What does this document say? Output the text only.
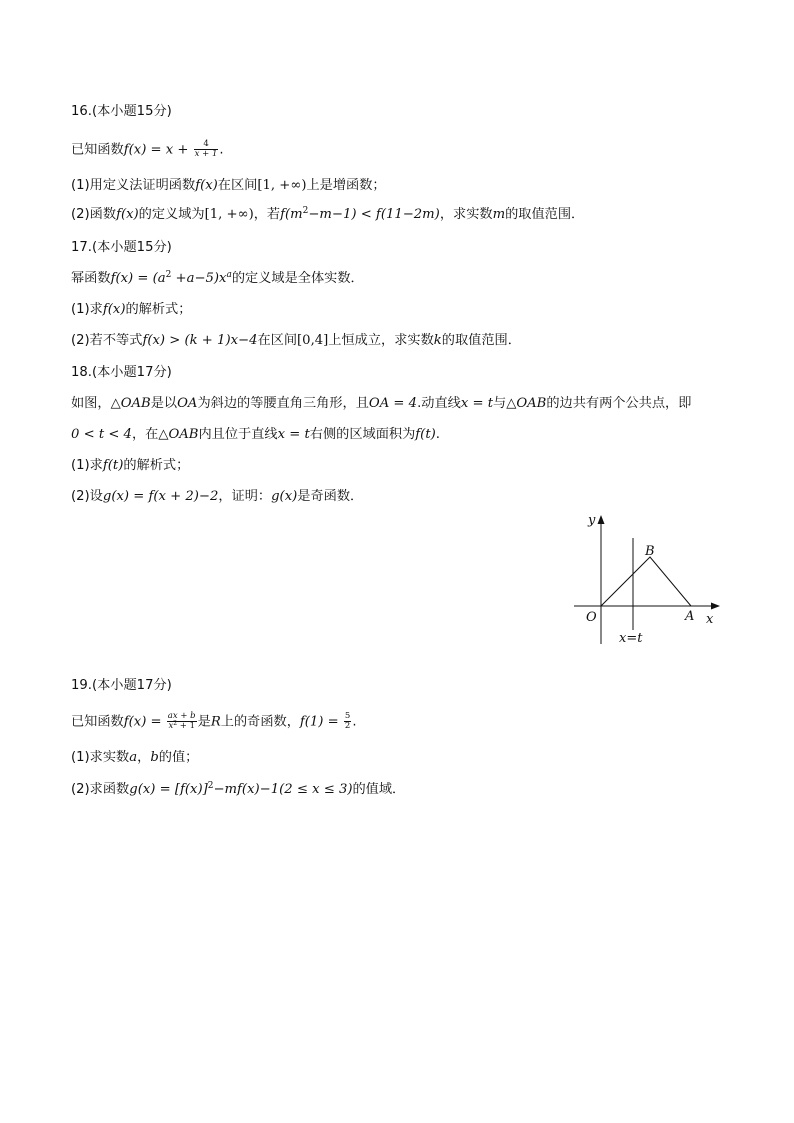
16.(本小题15分)
已知函数$f(x) = x + \frac{4}{x + 1}$ .
(1)用定义法证明函数f(x)在区间[1, +∞)上是增函数；
(2)函数f(x)的定义域为[1, +∞)，若$f(m^2-m-1) < f(11-2m)$，求实数m的取值范围．
17.(本小题15分)
幂函数$f(x) = (a^2 +a-5)x^a$的定义域是全体实数．
(1)求f(x)的解析式；
(2)若不等式f(x) > (k + 1)x−4在区间[0,4]上恒成立，求实数k的取值范围．
18.(本小题17分)
如图，△OAB是以OA为斜边的等腰直角三角形，且OA = 4.动直线x = t与△OAB的边共有两个公共点，即
0 < t < 4，在△OAB内且位于直线x = t右侧的区域面积为f(t).
(1)求f(t)的解析式；
(2)设g(x) = f(x + 2)−2，证明：g(x)是奇函数．
y
x
O	A
B
x=t
19.(本小题17分)
已知函数$f(x) = \frac{ax + b}{x^2 + 1}$ 是R上的奇函数，$f(1) = \frac{5}{2}$ .
(1)求实数a，b的值；
(2)求函数$g(x) = [f(x)]^2-mf(x)-1(2 \le x \le 3)$的值域．
